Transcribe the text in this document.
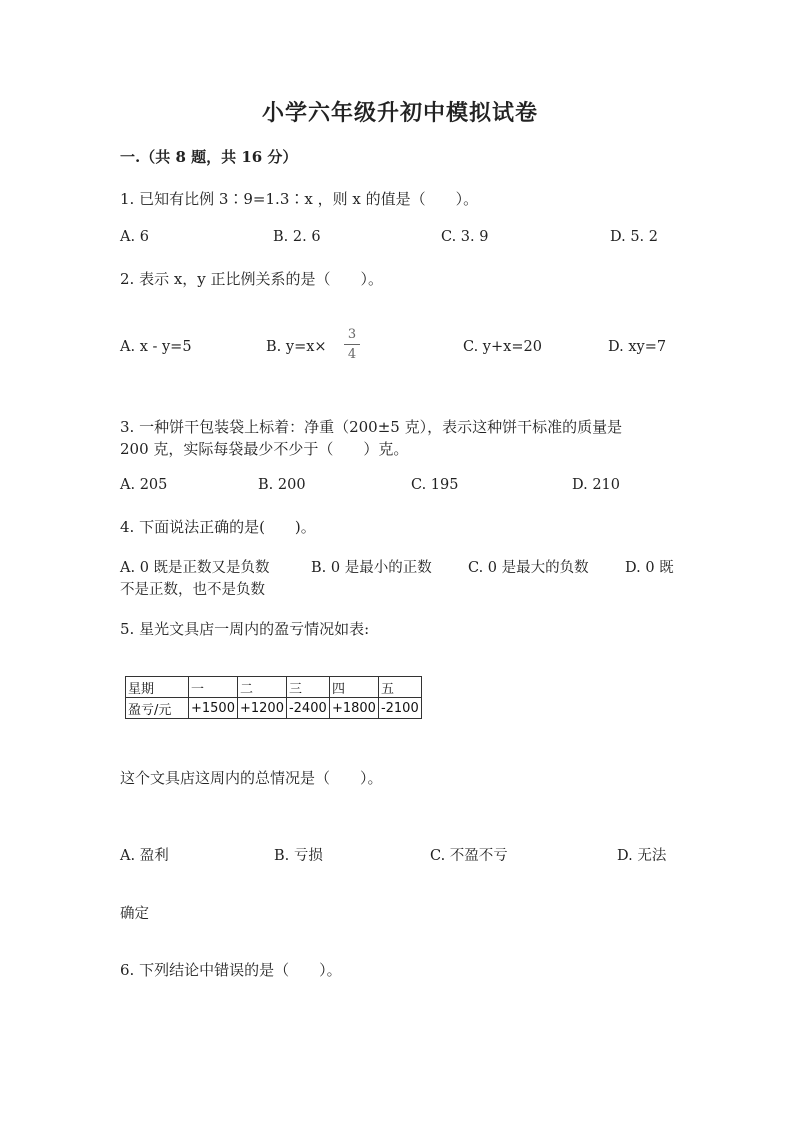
小学六年级升初中模拟试卷
一.（共 8 题，共 16 分）
1. 已知有比例 3∶9=1.3∶x ，则 x 的值是（　　）。
A. 6	B. 2. 6	C. 3. 9	D. 5. 2
2. 表示 x，y 正比例关系的是（　　）。
A. x - y=5	B. y=x×
3
4	C. y+x=20	D. xy=7
3. 一种饼干包装袋上标着：净重（200±5 克），表示这种饼干标准的质量是
200 克，实际每袋最少不少于（　　）克。
A. 205	B. 200	C. 195	D. 210
4. 下面说法正确的是(　　)。
A. 0 既是正数又是负数	B. 0 是最小的正数	C. 0 是最大的负数	D. 0 既
不是正数，也不是负数
5. 星光文具店一周内的盈亏情况如表:
星期	一	二	三	四	五
盈亏/元	+1500	+1200	-2400	+1800	-2100
这个文具店这周内的总情况是（　　）。
A. 盈利	B. 亏损	C. 不盈不亏	D. 无法
确定
6. 下列结论中错误的是（　　）。
